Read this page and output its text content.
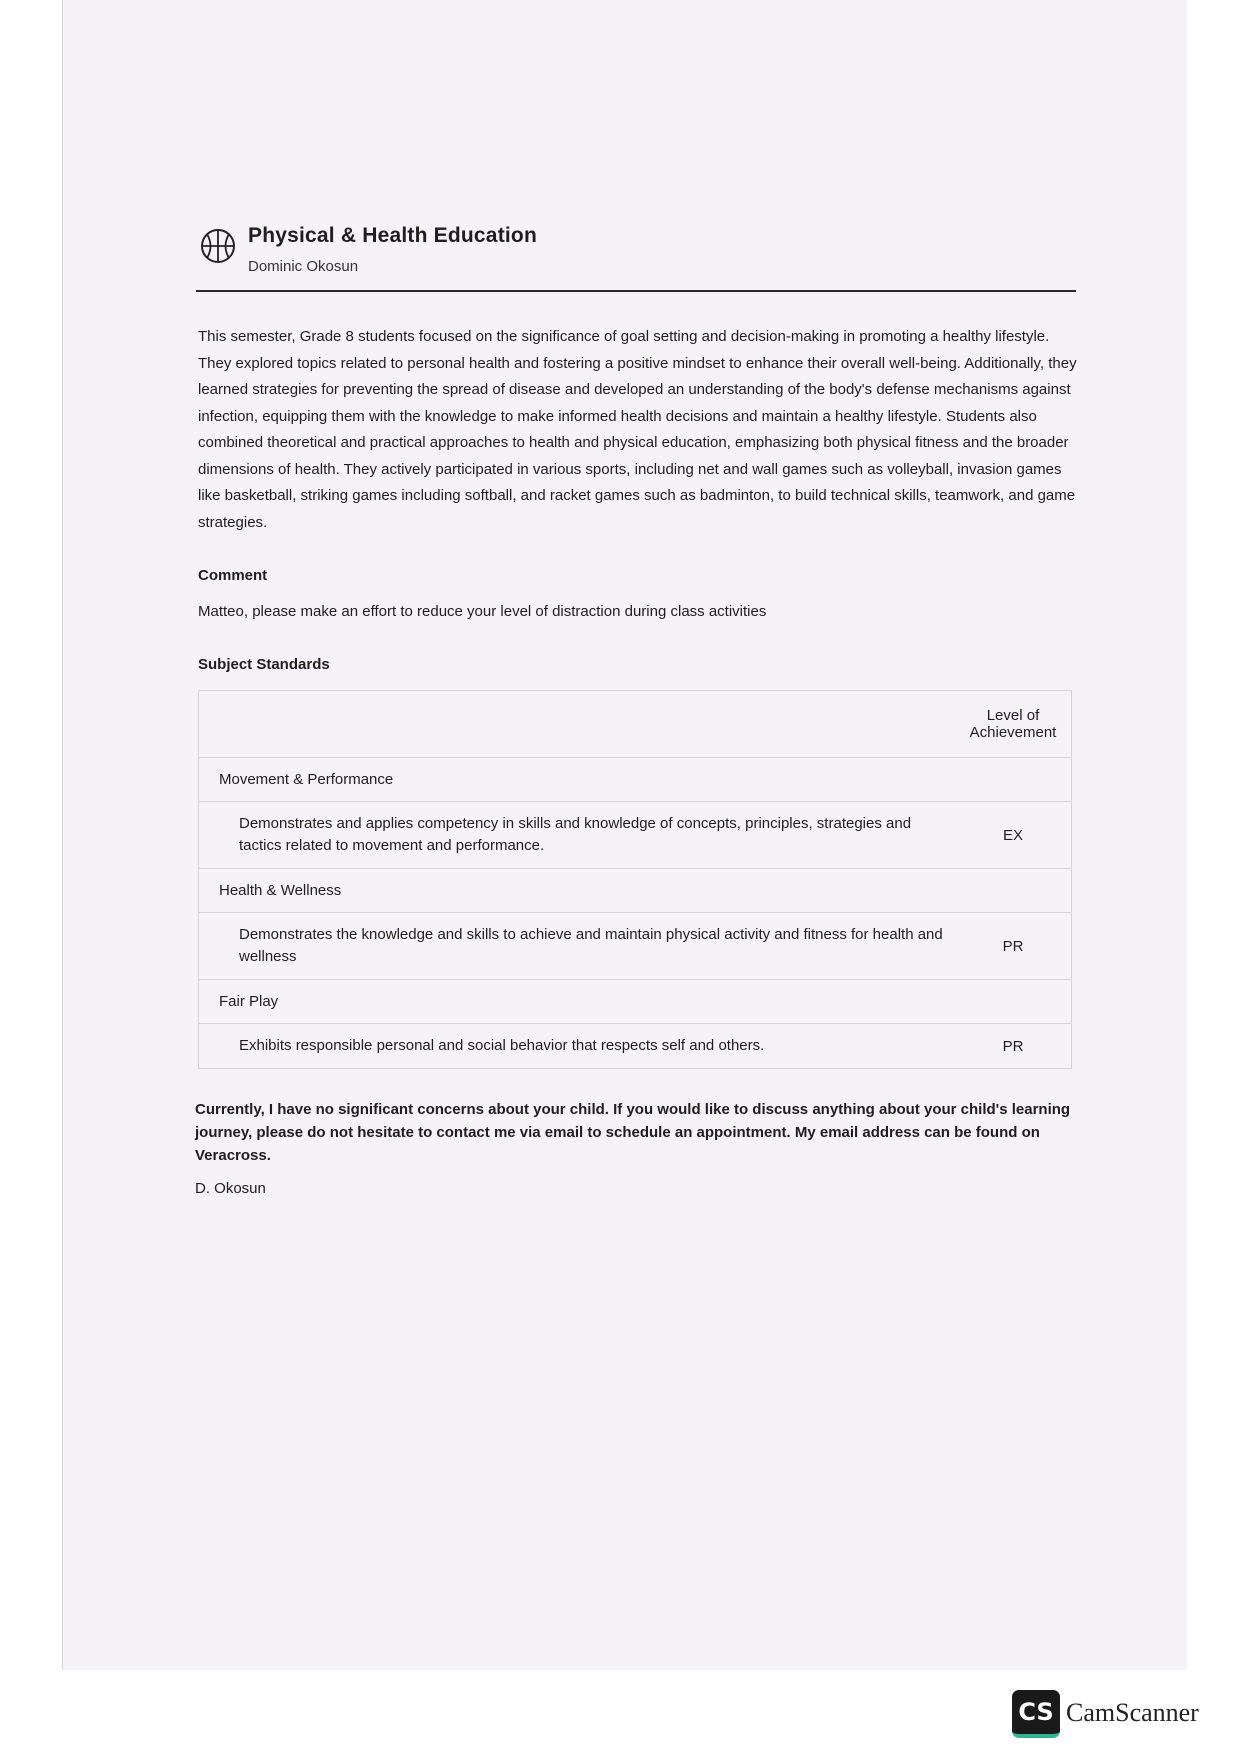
Physical & Health Education
Dominic Okosun

This semester, Grade 8 students focused on the significance of goal setting and decision-making in promoting a healthy lifestyle. They explored topics related to personal health and fostering a positive mindset to enhance their overall well-being. Additionally, they learned strategies for preventing the spread of disease and developed an understanding of the body's defense mechanisms against infection, equipping them with the knowledge to make informed health decisions and maintain a healthy lifestyle. Students also combined theoretical and practical approaches to health and physical education, emphasizing both physical fitness and the broader dimensions of health. They actively participated in various sports, including net and wall games such as volleyball, invasion games like basketball, striking games including softball, and racket games such as badminton, to build technical skills, teamwork, and game strategies.

Comment
Matteo, please make an effort to reduce your level of distraction during class activities
Subject Standards
	Level of
Achievement
Movement & Performance	
Demonstrates and applies competency in skills and knowledge of concepts, principles, strategies and tactics related to movement and performance.	EX
Health & Wellness	
Demonstrates the knowledge and skills to achieve and maintain physical activity and fitness for health and wellness	PR
Fair Play	
Exhibits responsible personal and social behavior that respects self and others.	PR

Currently, I have no significant concerns about your child. If you would like to discuss anything about your child's learning journey, please do not hesitate to contact me via email to schedule an appointment. My email address can be found on Veracross.

D. Okosun
CS CamScanner
